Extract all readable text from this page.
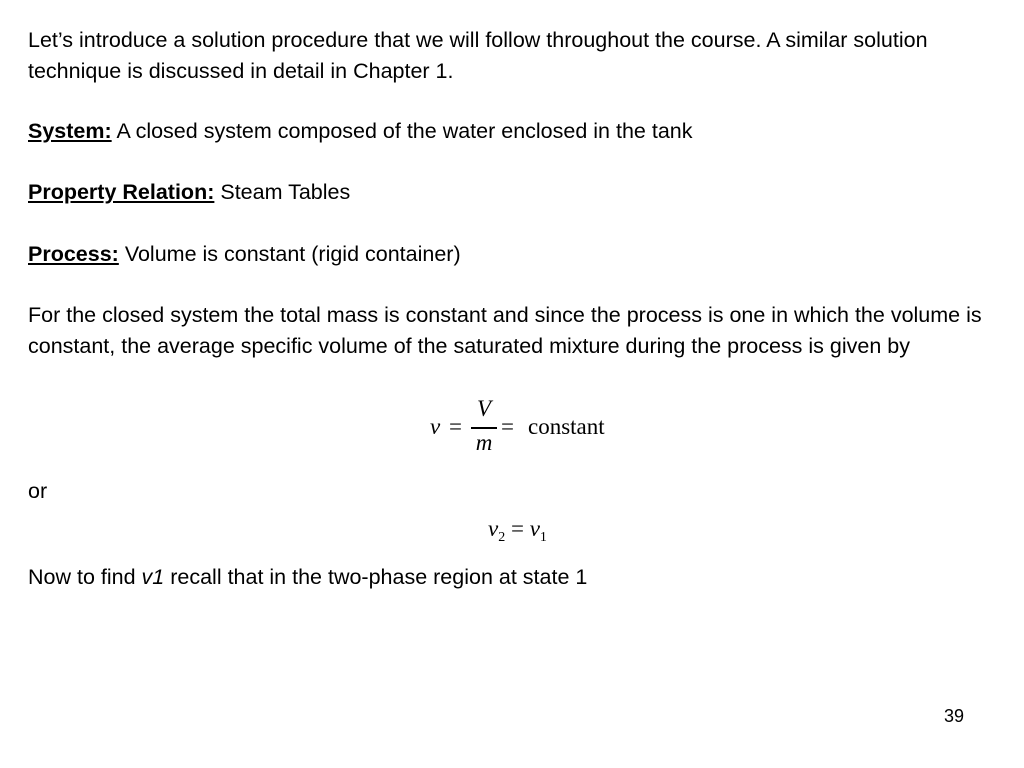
Let’s introduce a solution procedure that we will follow throughout the course. A similar solution technique is discussed in detail in Chapter 1.

System: A closed system composed of the water enclosed in the tank

Property Relation: Steam Tables

Process: Volume is constant (rigid container)

For the closed system the total mass is constant and since the process is one in which the volume is constant, the average specific volume of the saturated mixture during the process is given by

v =
V
m
= constant

or

$v_2 = v_1$

Now to find v1 recall that in the two-phase region at state 1

39
